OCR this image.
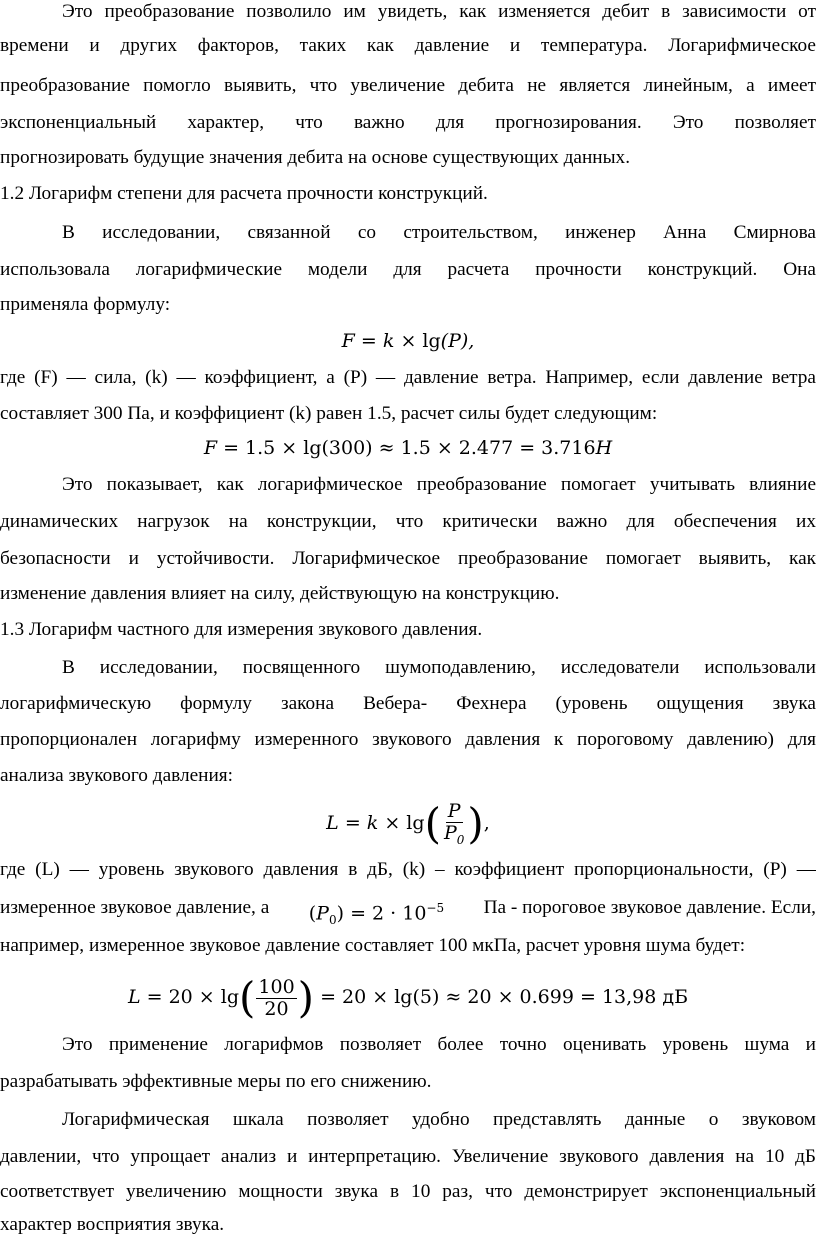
Это преобразование позволило им увидеть, как изменяется дебит в зависимости от
времени и других факторов, таких как давление и температура. Логарифмическое
преобразование помогло выявить, что увеличение дебита не является линейным, а имеет
экспоненциальный характер, что важно для прогнозирования. Это позволяет
прогнозировать будущие значения дебита на основе существующих данных.
1.2 Логарифм степени для расчета прочности конструкций.
В исследовании, связанной со строительством, инженер Анна Смирнова
использовала логарифмические модели для расчета прочности конструкций. Она
применяла формулу:
F = k × lg(P),
где (F) — сила, (k) — коэффициент, а (P) — давление ветра. Например, если давление ветра
составляет 300 Па, и коэффициент (k) равен 1.5, расчет силы будет следующим:
F = 1.5 × lg(300) ≈ 1.5 × 2.477 = 3.716H
Это показывает, как логарифмическое преобразование помогает учитывать влияние
динамических нагрузок на конструкции, что критически важно для обеспечения их
безопасности и устойчивости. Логарифмическое преобразование помогает выявить, как
изменение давления влияет на силу, действующую на конструкцию.
1.3 Логарифм частного для измерения звукового давления.
В исследовании, посвященного шумоподавлению, исследователи использовали
логарифмическую формулу закона Вебера- Фехнера (уровень ощущения звука
пропорционален логарифму измеренного звукового давления к пороговому давлению) для
анализа звукового давления:
$L = k \times \lg( \frac{P}{P_0}$ ),
где (L) — уровень звукового давления в дБ, (k) – коэффициент пропорциональности, (P) —
измеренное звуковое давление, а $(P_0) = 2 \cdot 10^{-5}$ Па - пороговое звуковое давление. Если,
например, измеренное звуковое давление составляет 100 мкПа, расчет уровня шума будет:
$L = 20 \times \lg( \frac{100}{20}$ ) = 20 × lg(5) ≈ 20 × 0.699 = 13,98 дБ
Это применение логарифмов позволяет более точно оценивать уровень шума и
разрабатывать эффективные меры по его снижению.
Логарифмическая шкала позволяет удобно представлять данные о звуковом
давлении, что упрощает анализ и интерпретацию. Увеличение звукового давления на 10 дБ
соответствует увеличению мощности звука в 10 раз, что демонстрирует экспоненциальный
характер восприятия звука.
